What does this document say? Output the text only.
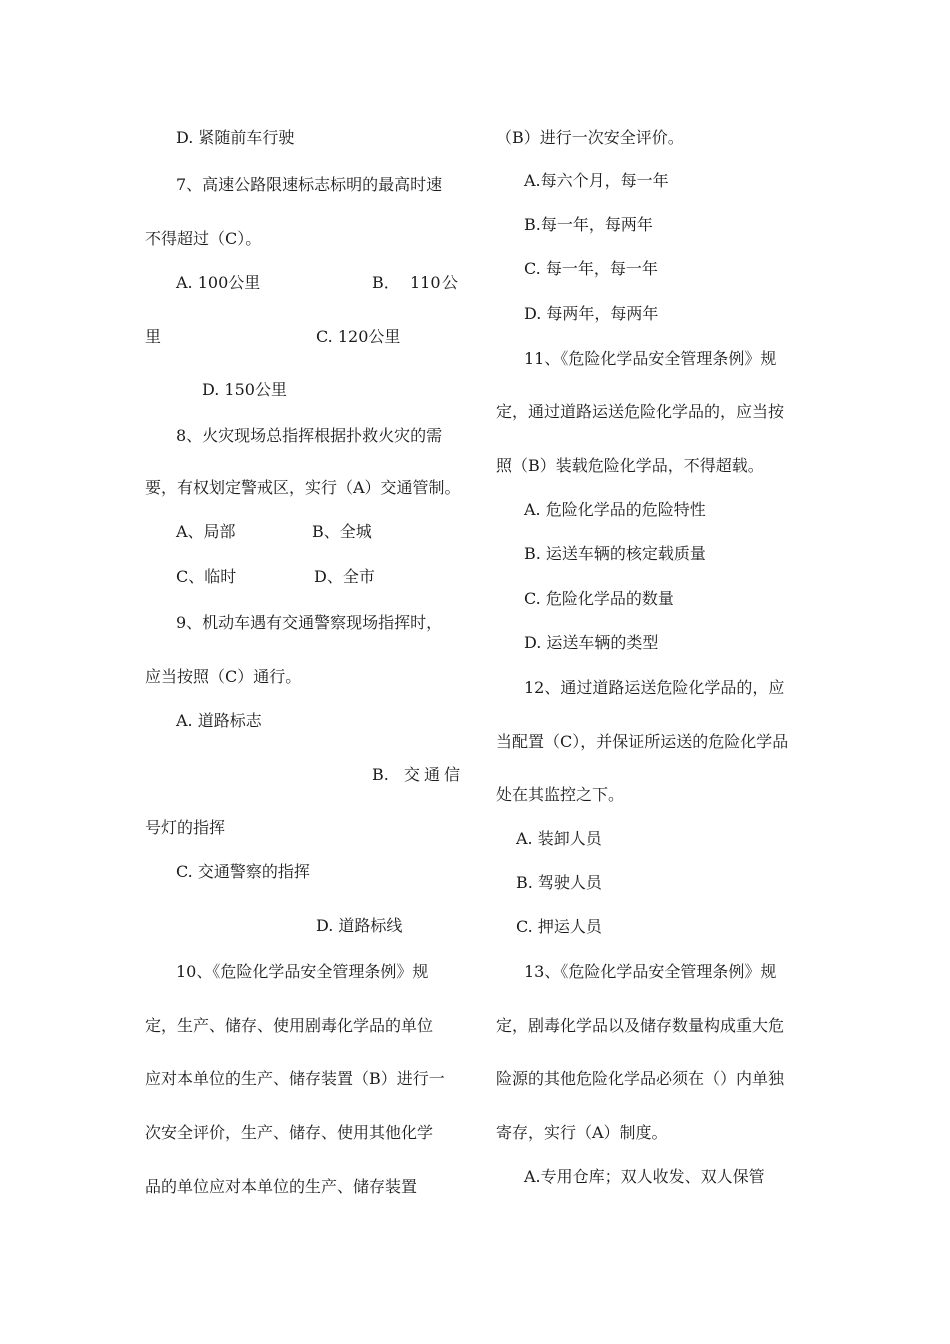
D. 紧随前车行驶
7、高速公路限速标志标明的最高时速
不得超过（C）。
A. 100公里	B． 110 公
里	C. 120公里
D. 150公里
8、火灾现场总指挥根据扑救火灾的需
要，有权划定警戒区，实行（A）交通管制。
A、局部	B、全城
C、临时	D、全市
9、机动车遇有交通警察现场指挥时，
应当按照（C）通行。
A. 道路标志
B. 交通信
号灯的指挥
C. 交通警察的指挥
D. 道路标线
10、《危险化学品安全管理条例》规
定，生产、储存、使用剧毒化学品的单位
应对本单位的生产、储存装置（B）进行一
次安全评价，生产、储存、使用其他化学
品的单位应对本单位的生产、储存装置
（B）进行一次安全评价。
A.每六个月，每一年
B.每一年，每两年
C. 每一年，每一年
D. 每两年，每两年
11、《危险化学品安全管理条例》规
定，通过道路运送危险化学品的，应当按
照（B）装载危险化学品，不得超载。
A. 危险化学品的危险特性
B. 运送车辆的核定载质量
C. 危险化学品的数量
D. 运送车辆的类型
12、通过道路运送危险化学品的，应
当配置（C），并保证所运送的危险化学品
处在其监控之下。
A. 装卸人员
B. 驾驶人员
C. 押运人员
13、《危险化学品安全管理条例》规
定，剧毒化学品以及储存数量构成重大危
险源的其他危险化学品必须在（）内单独
寄存，实行（A）制度。
A.专用仓库；双人收发、双人保管
